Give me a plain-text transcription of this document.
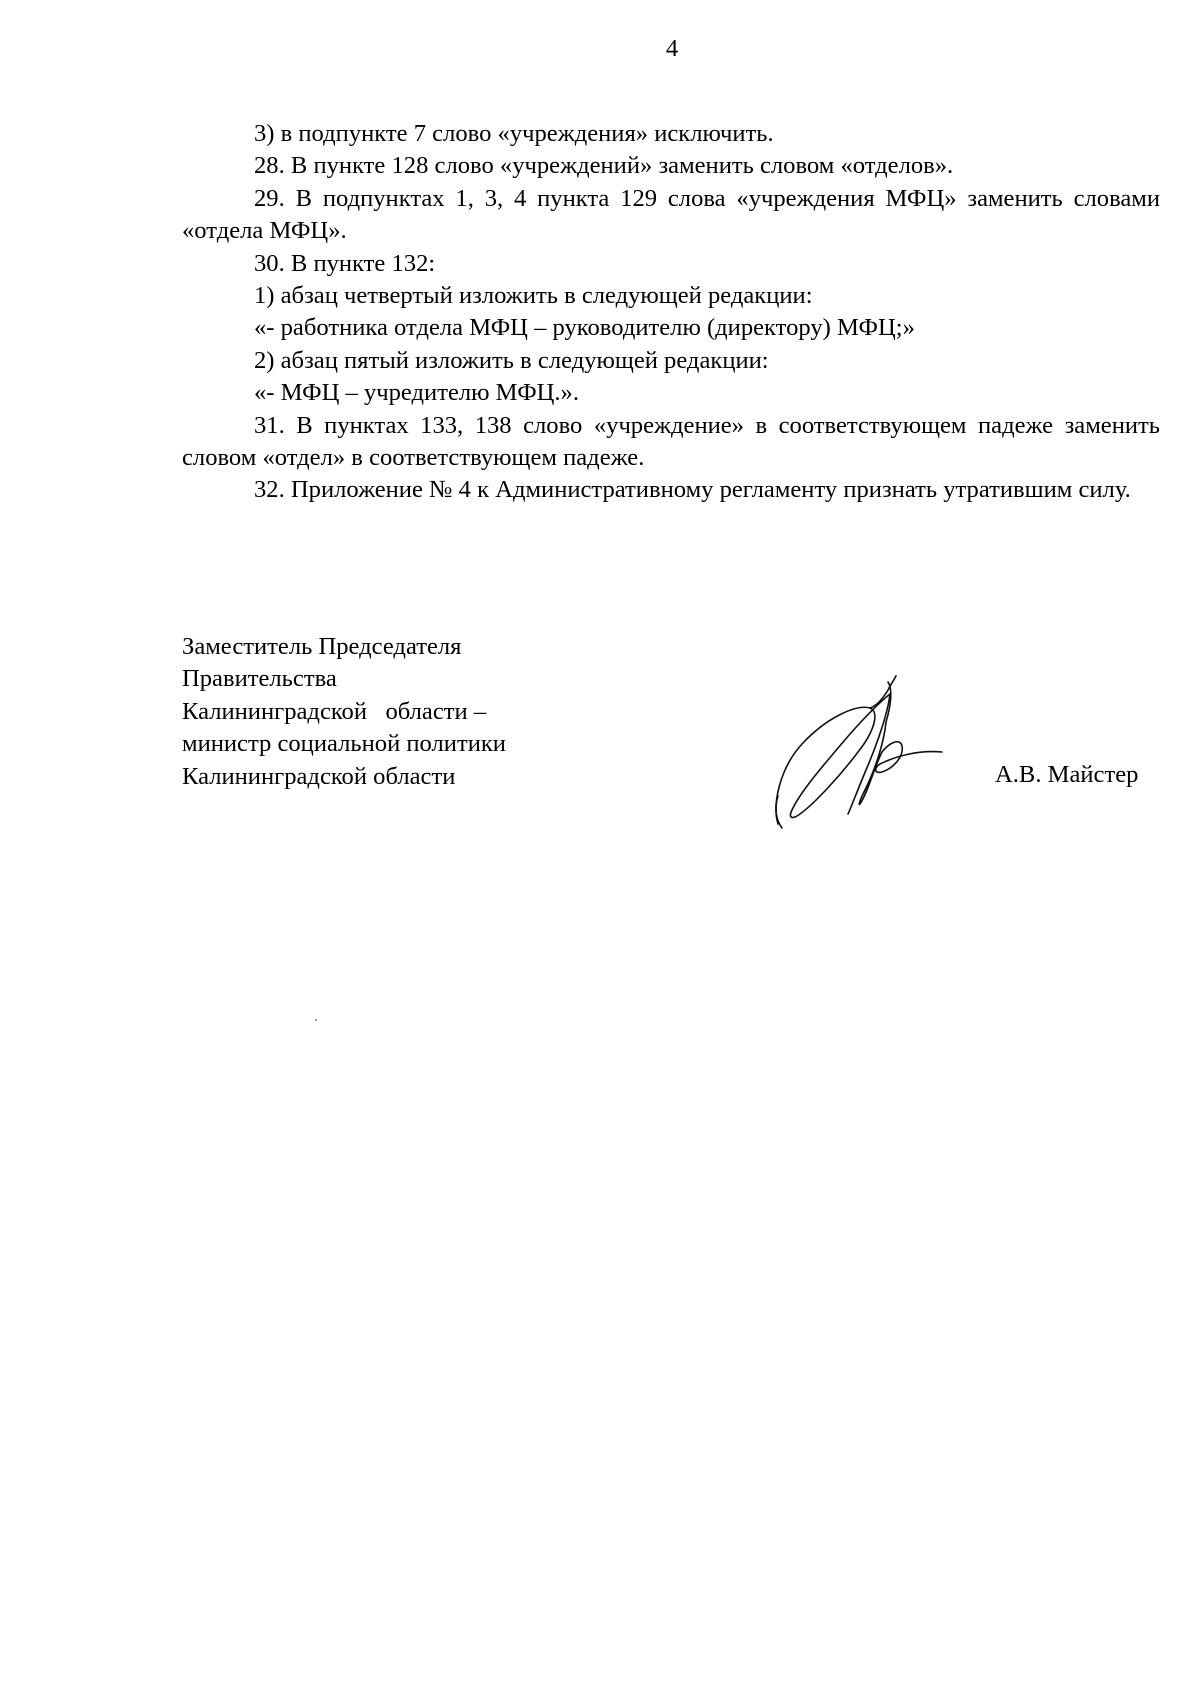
4

3) в подпункте 7 слово «учреждения» исключить.

28. В пункте 128 слово «учреждений» заменить словом «отделов».

29. В подпунктах 1, 3, 4 пункта 129 слова «учреждения МФЦ» заменить словами «отдела МФЦ».

30. В пункте 132:

1) абзац четвертый изложить в следующей редакции:

«- работника отдела МФЦ – руководителю (директору) МФЦ;»

2) абзац пятый изложить в следующей редакции:

«- МФЦ – учредителю МФЦ.».

31. В пунктах 133, 138 слово «учреждение» в соответствующем падеже заменить словом «отдел» в соответствующем падеже.

32. Приложение № 4 к Административному регламенту признать утратившим силу.

Заместитель Председателя
Правительства
Калининградской   области –
министр социальной политики
Калининградской области	А.В. Майстер
